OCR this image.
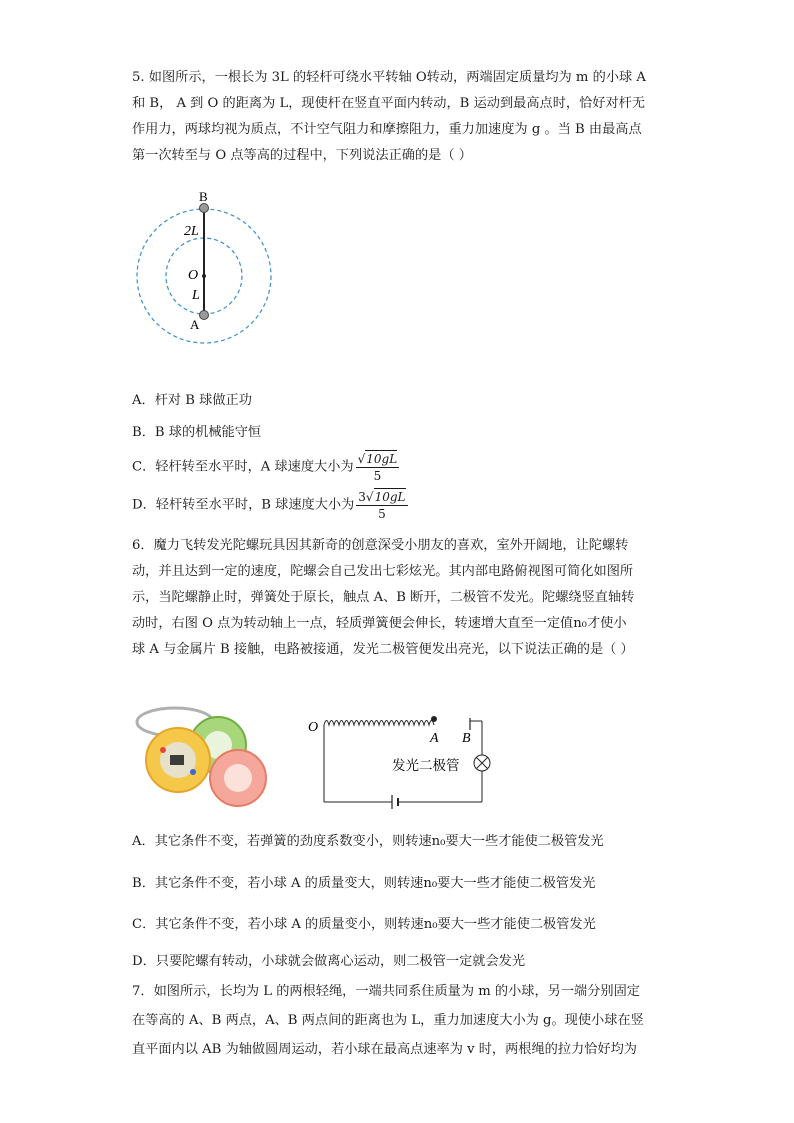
5. 如图所示，一根长为 3L 的轻杆可绕水平转轴 O转动，两端固定质量均为 m 的小球 A

和 B， A 到 O 的距离为 L，现使杆在竖直平面内转动，B 运动到最高点时，恰好对杆无

作用力，两球均视为质点，不计空气阻力和摩擦阻力，重力加速度为 g 。当 B 由最高点

第一次转至与 O 点等高的过程中，下列说法正确的是（ ）

B
2L
O
L
A

A．杆对 B 球做正功

B．B 球的机械能守恒

C．轻杆转至水平时，A 球速度大小为 $\frac{√10gL}{5}$
D．轻杆转至水平时，B 球速度大小为 $\frac{3√10gL}{5}$

6．魔力飞转发光陀螺玩具因其新奇的创意深受小朋友的喜欢，室外开阔地，让陀螺转

动，并且达到一定的速度，陀螺会自己发出七彩炫光。其内部电路俯视图可简化如图所

示，当陀螺静止时，弹簧处于原长，触点 A、B 断开，二极管不发光。陀螺绕竖直轴转

动时，右图 O 点为转动轴上一点，轻质弹簧便会伸长，转速增大直至一定值n₀才使小

球 A 与金属片 B 接触，电路被接通，发光二极管便发出亮光，以下说法正确的是（ ）

O
A B
发光二极管

A．其它条件不变，若弹簧的劲度系数变小，则转速n₀要大一些才能使二极管发光

B．其它条件不变，若小球 A 的质量变大，则转速n₀要大一些才能使二极管发光

C．其它条件不变，若小球 A 的质量变小，则转速n₀要大一些才能使二极管发光

D．只要陀螺有转动，小球就会做离心运动，则二极管一定就会发光

7．如图所示，长均为 L 的两根轻绳，一端共同系住质量为 m 的小球，另一端分别固定

在等高的 A、B 两点，A、B 两点间的距离也为 L，重力加速度大小为 g。现使小球在竖

直平面内以 AB 为轴做圆周运动，若小球在最高点速率为 v 时，两根绳的拉力恰好均为
